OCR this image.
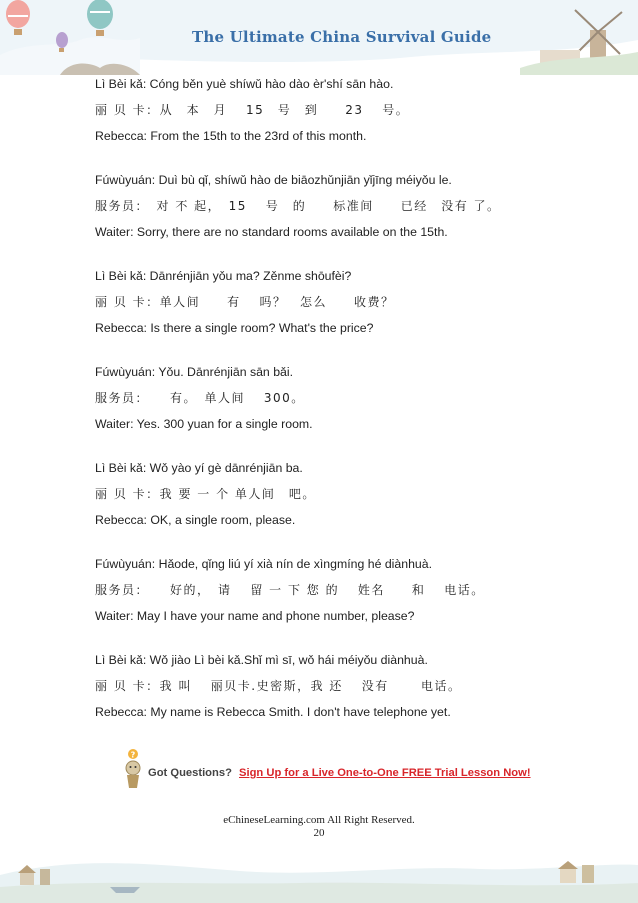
The Ultimate China Survival Guide
Lì Bèi kǎ: Cóng běn yuè shíwǔ hào dào èr'shí sān hào.
丽 贝 卡：从　本　月　 15　号　到　　23　 号。
Rebecca: From the 15th to the 23rd of this month.
Fúwùyuán: Duì bù qǐ, shíwǔ hào de biāozhǔnjiān yǐjīng méiyǒu le.
服务员：　对 不 起，　15　 号　的　　标准间　　已经　没有 了。
Waiter: Sorry, there are no standard rooms available on the 15th.
Lì Bèi kǎ: Dānrénjiān yǒu ma? Zěnme shōufèi?
丽 贝 卡：单人间　　有　 吗？　怎么　　收费？
Rebecca: Is there a single room? What's the price?
Fúwùyuán: Yǒu. Dānrénjiān sān bǎi.
服务员：　　有。　单人间　 300。
Waiter: Yes. 300 yuan for a single room.
Lì Bèi kǎ: Wǒ yào yí gè dānrénjiān ba.
丽 贝 卡：我 要 一 个 单人间　吧。
Rebecca: OK, a single room, please.
Fúwùyuán: Hǎode, qǐng liú yí xià nín de xìngmíng hé diànhuà.
服务员：　　好的，　请　 留 一 下 您 的　 姓名　　和　 电话。
Waiter: May I have your name and phone number, please?
Lì Bèi kǎ: Wǒ jiào Lì bèi kǎ.Shǐ mì sī, wǒ hái méiyǒu diànhuà.
丽 贝 卡：我 叫　 丽贝卡.史密斯，我 还　 没有　　 电话。
Rebecca: My name is Rebecca Smith. I don't have telephone yet.
?
Got Questions? Sign Up for a Live One-to-One FREE Trial Lesson Now!
eChineseLearning.com All Right Reserved.
20
